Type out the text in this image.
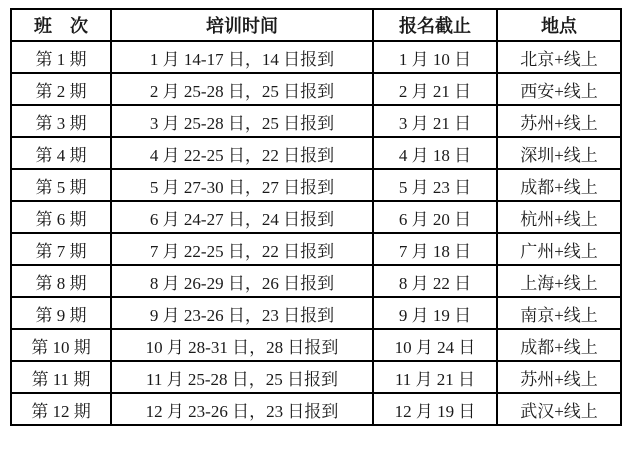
班　次	培训时间	报名截止	地点
第 1 期	1 月 14-17 日，14 日报到	1 月 10 日	北京+线上
第 2 期	2 月 25-28 日，25 日报到	2 月 21 日	西安+线上
第 3 期	3 月 25-28 日，25 日报到	3 月 21 日	苏州+线上
第 4 期	4 月 22-25 日，22 日报到	4 月 18 日	深圳+线上
第 5 期	5 月 27-30 日，27 日报到	5 月 23 日	成都+线上
第 6 期	6 月 24-27 日，24 日报到	6 月 20 日	杭州+线上
第 7 期	7 月 22-25 日，22 日报到	7 月 18 日	广州+线上
第 8 期	8 月 26-29 日，26 日报到	8 月 22 日	上海+线上
第 9 期	9 月 23-26 日，23 日报到	9 月 19 日	南京+线上
第 10 期	10 月 28-31 日，28 日报到	10 月 24 日	成都+线上
第 11 期	11 月 25-28 日，25 日报到	11 月 21 日	苏州+线上
第 12 期	12 月 23-26 日，23 日报到	12 月 19 日	武汉+线上
